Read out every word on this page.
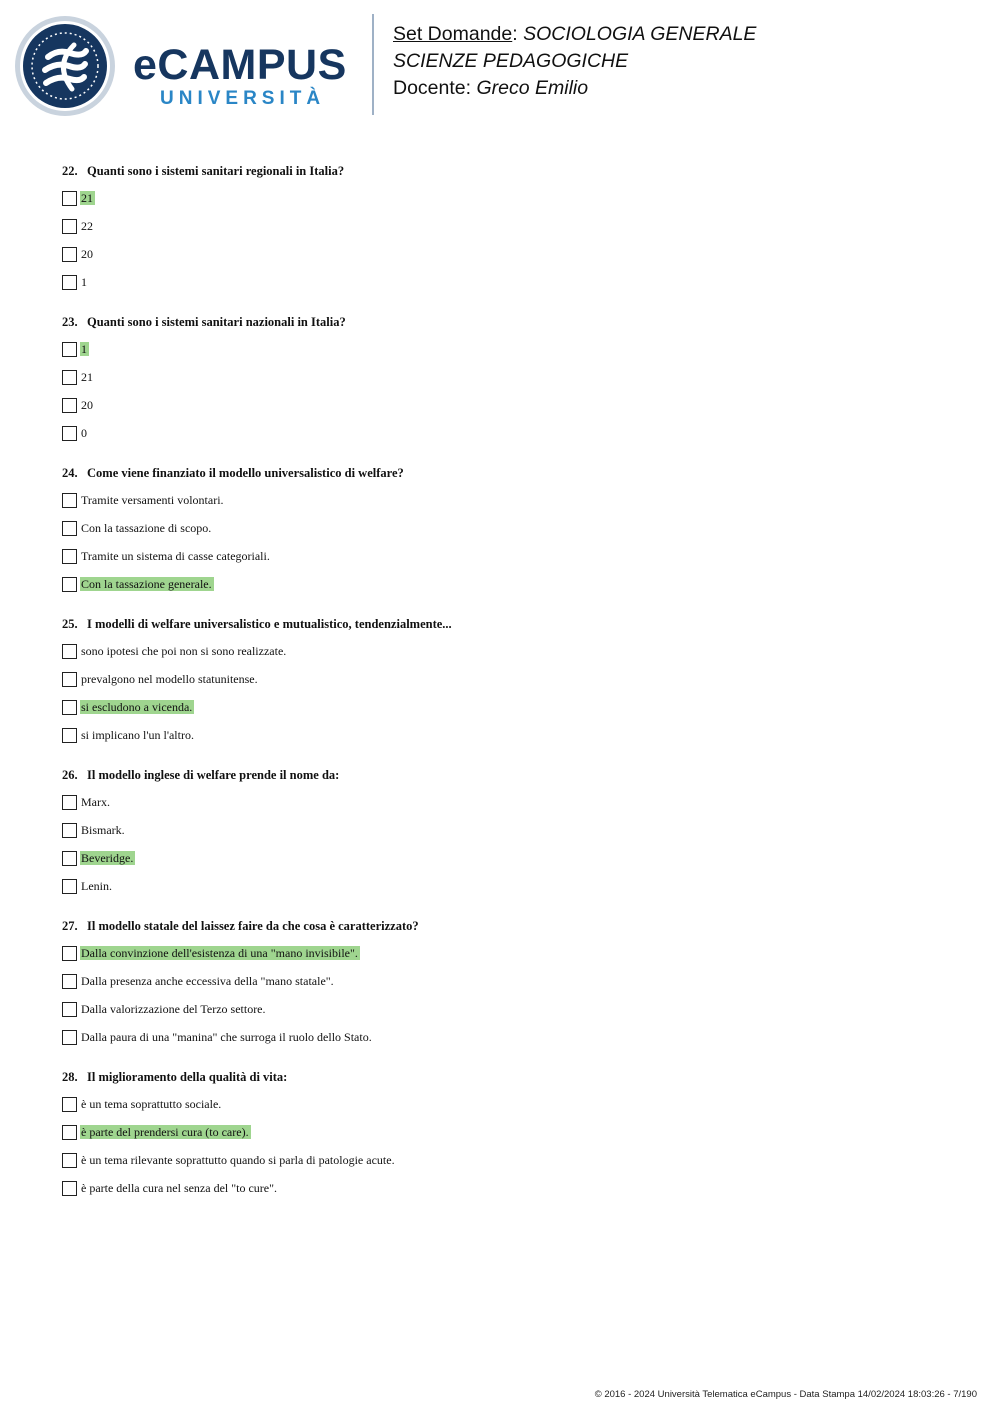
eCAMPUS
UNIVERSITÀ
Set Domande: SOCIOLOGIA GENERALE
SCIENZE PEDAGOGICHE
Docente: Greco Emilio
22. Quanti sono i sistemi sanitari regionali in Italia?
21
22
20
1
23. Quanti sono i sistemi sanitari nazionali in Italia?
1
21
20
0
24. Come viene finanziato il modello universalistico di welfare?
Tramite versamenti volontari.
Con la tassazione di scopo.
Tramite un sistema di casse categoriali.
Con la tassazione generale.
25. I modelli di welfare universalistico e mutualistico, tendenzialmente...
sono ipotesi che poi non si sono realizzate.
prevalgono nel modello statunitense.
si escludono a vicenda.
si implicano l'un l'altro.
26. Il modello inglese di welfare prende il nome da:
Marx.
Bismark.
Beveridge.
Lenin.
27. Il modello statale del laissez faire da che cosa è caratterizzato?
Dalla convinzione dell'esistenza di una "mano invisibile".
Dalla presenza anche eccessiva della "mano statale".
Dalla valorizzazione del Terzo settore.
Dalla paura di una "manina" che surroga il ruolo dello Stato.
28. Il miglioramento della qualità di vita:
è un tema soprattutto sociale.
è parte del prendersi cura (to care).
è un tema rilevante soprattutto quando si parla di patologie acute.
è parte della cura nel senza del "to cure".
© 2016 - 2024 Università Telematica eCampus - Data Stampa 14/02/2024 18:03:26 - 7/190
